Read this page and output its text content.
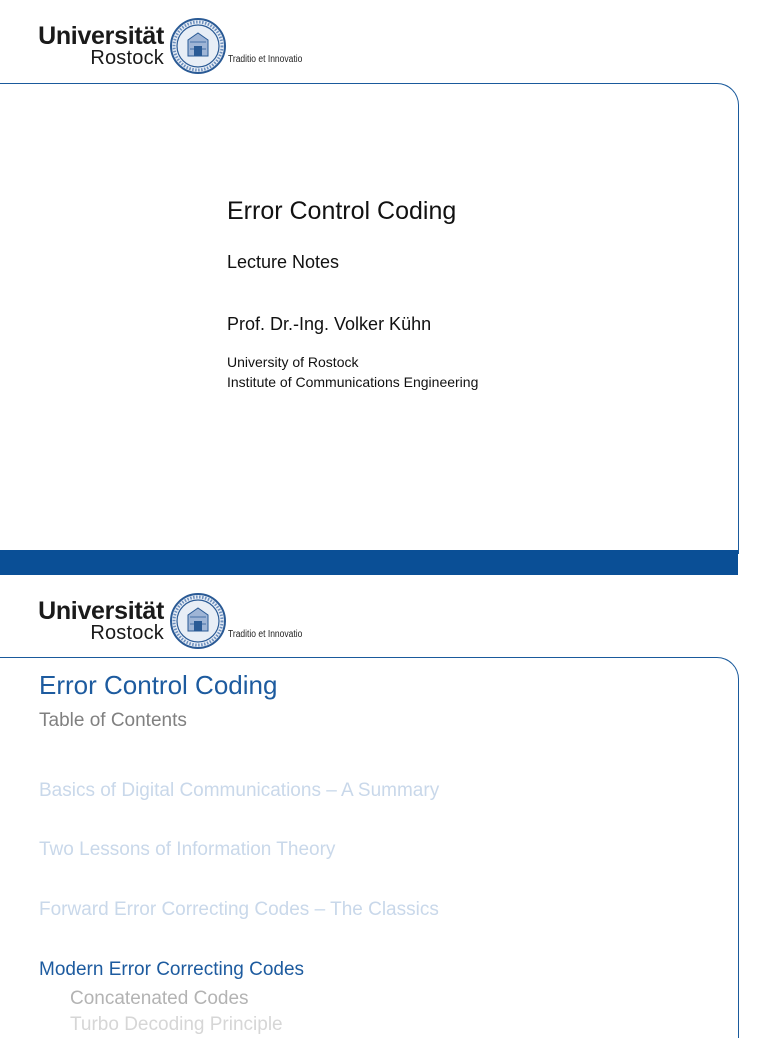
Universität
Rostock	Traditio et Innovatio
Error Control Coding
Lecture Notes
Prof. Dr.-Ing. Volker Kühn
University of Rostock
Institute of Communications Engineering
Universität
Rostock	Traditio et Innovatio
Error Control Coding
Table of Contents
Basics of Digital Communications – A Summary
Two Lessons of Information Theory
Forward Error Correcting Codes – The Classics
Modern Error Correcting Codes
Concatenated Codes
Turbo Decoding Principle
